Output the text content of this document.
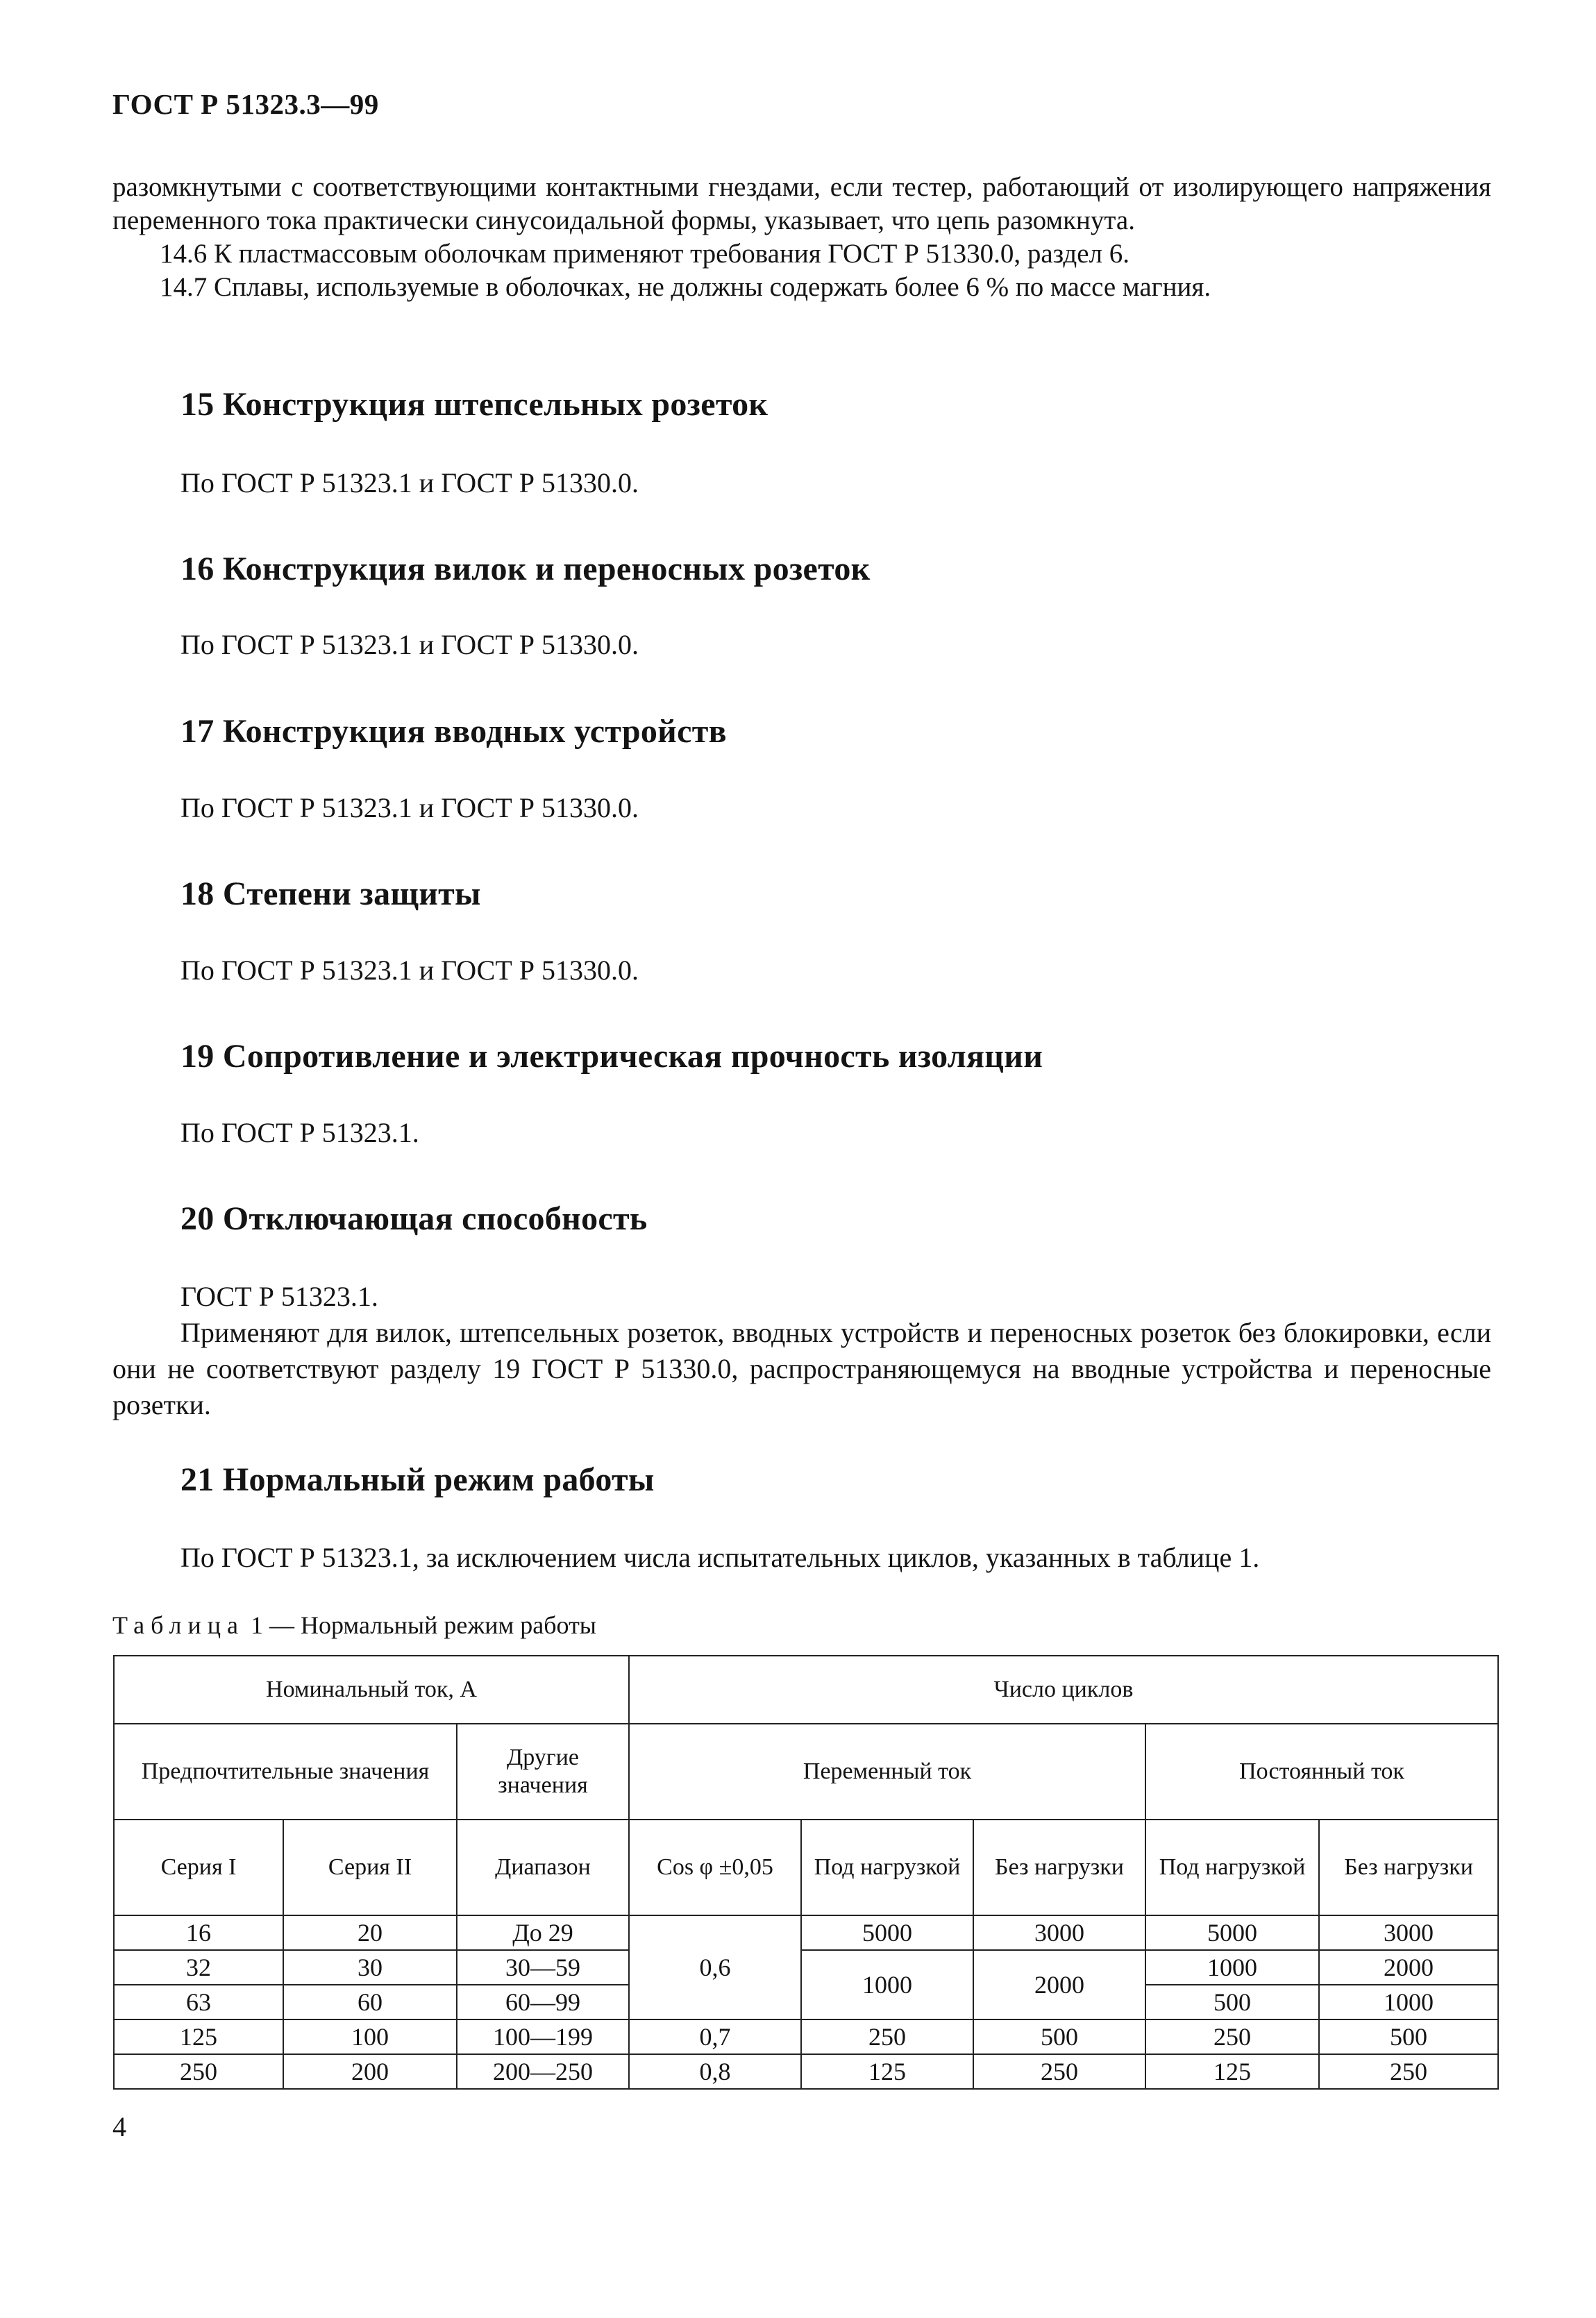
ГОСТ Р 51323.3—99

разомкнутыми с соответствующими контактными гнездами, если тестер, работающий от изолирующего напряжения переменного тока практически синусоидальной формы, указывает, что цепь разомкнута.

14.6 К пластмассовым оболочкам применяют требования ГОСТ Р 51330.0, раздел 6.

14.7 Сплавы, используемые в оболочках, не должны содержать более 6 % по массе магния.

15 Конструкция штепсельных розеток
По ГОСТ Р 51323.1 и ГОСТ Р 51330.0.
16 Конструкция вилок и переносных розеток
По ГОСТ Р 51323.1 и ГОСТ Р 51330.0.
17 Конструкция вводных устройств
По ГОСТ Р 51323.1 и ГОСТ Р 51330.0.
18 Степени защиты
По ГОСТ Р 51323.1 и ГОСТ Р 51330.0.
19 Сопротивление и электрическая прочность изоляции
По ГОСТ Р 51323.1.
20 Отключающая способность

ГОСТ Р 51323.1.

Применяют для вилок, штепсельных розеток, вводных устройств и переносных розеток без блокировки, если они не соответствуют разделу 19 ГОСТ Р 51330.0, распространяющемуся на вводные устройства и переносные розетки.

21 Нормальный режим работы
По ГОСТ Р 51323.1, за исключением числа испытательных циклов, указанных в таблице 1.
Таблица 1 — Нормальный режим работы
Номинальный ток, А			Число циклов				
Предпочтительные значения		Другие значения	Переменный ток			Постоянный ток	
Серия I	Серия II	Диапазон	Cos φ ±0,05	Под нагрузкой	Без нагрузки	Под нагрузкой	Без нагрузки
16	20	До 29	0,6	5000	3000	5000	3000
32	30	30—59		1000	2000	1000	2000
63	60	60—99				500	1000
125	100	100—199	0,7	250	500	250	500
250	200	200—250	0,8	125	250	125	250
4
